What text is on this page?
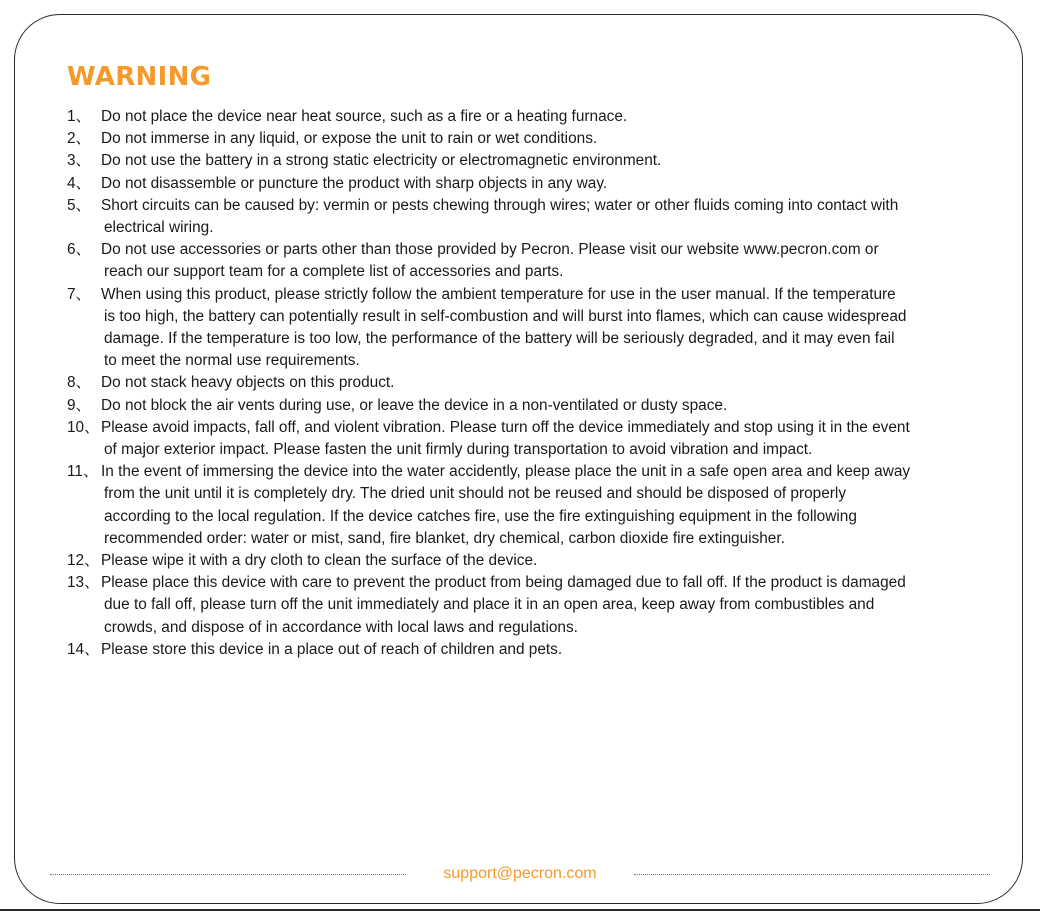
WARNING
1、 Do not place the device near heat source, such as a fire or a heating furnace.
2、 Do not immerse in any liquid, or expose the unit to rain or wet conditions.
3、 Do not use the battery in a strong static electricity or electromagnetic environment.
4、 Do not disassemble or puncture the product with sharp objects in any way.
5、 Short circuits can be caused by: vermin or pests chewing through wires; water or other fluids coming into contact with
electrical wiring.
6、 Do not use accessories or parts other than those provided by Pecron. Please visit our website www.pecron.com or
reach our support team for a complete list of accessories and parts.
7、 When using this product, please strictly follow the ambient temperature for use in the user manual. If the temperature
is too high, the battery can potentially result in self-combustion and will burst into flames, which can cause widespread
damage. If the temperature is too low, the performance of the battery will be seriously degraded, and it may even fail
to meet the normal use requirements.
8、 Do not stack heavy objects on this product.
9、 Do not block the air vents during use, or leave the device in a non-ventilated or dusty space.
10、 Please avoid impacts, fall off, and violent vibration. Please turn off the device immediately and stop using it in the event
of major exterior impact. Please fasten the unit firmly during transportation to avoid vibration and impact.
11、 In the event of immersing the device into the water accidently, please place the unit in a safe open area and keep away
from the unit until it is completely dry. The dried unit should not be reused and should be disposed of properly
according to the local regulation. If the device catches fire, use the fire extinguishing equipment in the following
recommended order: water or mist, sand, fire blanket, dry chemical, carbon dioxide fire extinguisher.
12、 Please wipe it with a dry cloth to clean the surface of the device.
13、 Please place this device with care to prevent the product from being damaged due to fall off. If the product is damaged
due to fall off, please turn off the unit immediately and place it in an open area, keep away from combustibles and
crowds, and dispose of in accordance with local laws and regulations.
14、 Please store this device in a place out of reach of children and pets.
support@pecron.com
